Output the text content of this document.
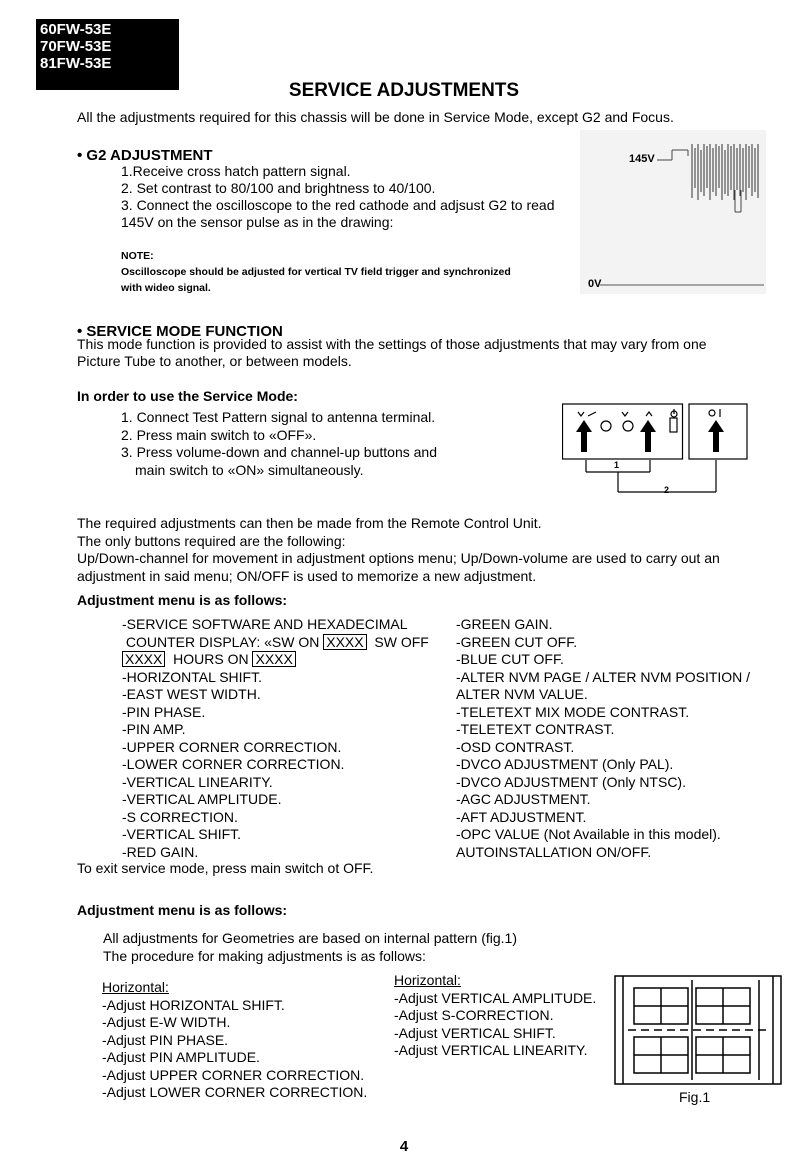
60FW-53E
70FW-53E
81FW-53E
SERVICE ADJUSTMENTS
All the adjustments required for this chassis will be done in Service Mode, except G2 and Focus.
• G2 ADJUSTMENT
1.Receive cross hatch pattern signal.
2. Set contrast to 80/100 and brightness to 40/100.
3. Connect the oscilloscope to the red cathode and adjsust G2 to read
145V on the sensor pulse as in the drawing:
NOTE:
Oscilloscope should be adjusted for vertical TV field trigger and synchronized
with wideo signal.
145V
0V
• SERVICE MODE FUNCTION
This mode function is provided to assist with the settings of those adjustments that may vary from one
Picture Tube to another, or between models.
In order to use the Service Mode:
1. Connect Test Pattern signal to antenna terminal.
2. Press main switch to «OFF».
3. Press volume-down and channel-up buttons and
main switch to «ON» simultaneously.	1
2
The required adjustments can then be made from the Remote Control Unit.
The only buttons required are the following:
Up/Down-channel for movement in adjustment options menu; Up/Down-volume are used to carry out an
adjustment in said menu; ON/OFF is used to memorize a new adjustment.
Adjustment menu is as follows:
-SERVICE SOFTWARE AND HEXADECIMAL
COUNTER DISPLAY: «SW ON XXXX SW OFF
XXXX HOURS ON XXXX
-HORIZONTAL SHIFT.
-EAST WEST WIDTH.
-PIN PHASE.
-PIN AMP.
-UPPER CORNER CORRECTION.
-LOWER CORNER CORRECTION.
-VERTICAL LINEARITY.
-VERTICAL AMPLITUDE.
-S CORRECTION.
-VERTICAL SHIFT.
-RED GAIN.
-GREEN GAIN.
-GREEN CUT OFF.
-BLUE CUT OFF.
-ALTER NVM PAGE / ALTER NVM POSITION /
ALTER NVM VALUE.
-TELETEXT MIX MODE CONTRAST.
-TELETEXT CONTRAST.
-OSD CONTRAST.
-DVCO ADJUSTMENT (Only PAL).
-DVCO ADJUSTMENT (Only NTSC).
-AGC ADJUSTMENT.
-AFT ADJUSTMENT.
-OPC VALUE (Not Available in this model).
AUTOINSTALLATION ON/OFF.
To exit service mode, press main switch ot OFF.
Adjustment menu is as follows:
All adjustments for Geometries are based on internal pattern (fig.1)
The procedure for making adjustments is as follows:
Horizontal:
-Adjust HORIZONTAL SHIFT.
-Adjust E-W WIDTH.
-Adjust PIN PHASE.
-Adjust PIN AMPLITUDE.
-Adjust UPPER CORNER CORRECTION.
-Adjust LOWER CORNER CORRECTION.
Horizontal:
-Adjust VERTICAL AMPLITUDE.
-Adjust S-CORRECTION.
-Adjust VERTICAL SHIFT.
-Adjust VERTICAL LINEARITY.
Fig.1
4
